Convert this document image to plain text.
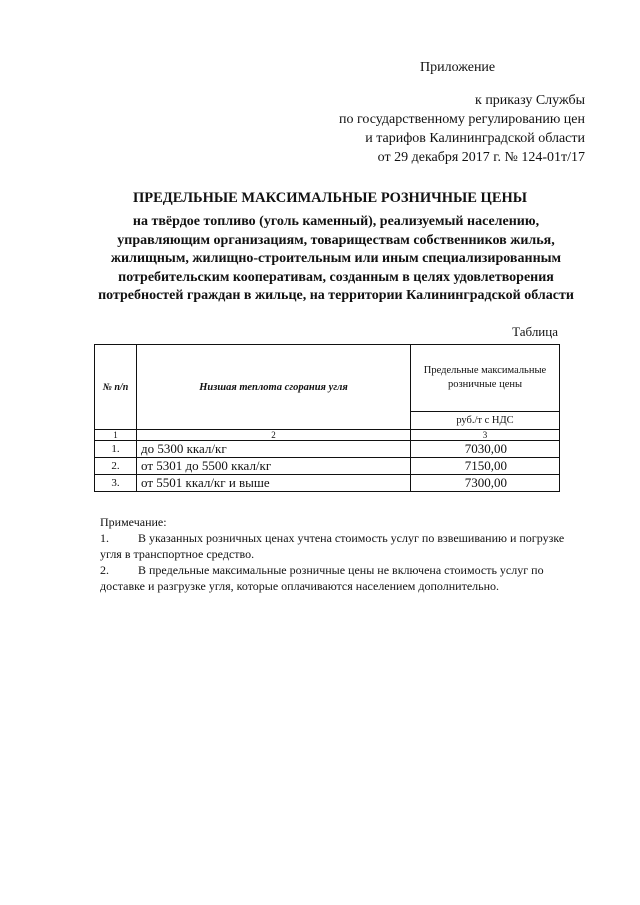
Приложение
к приказу Службы
по государственному регулированию цен
и тарифов Калининградской области
от 29 декабря 2017 г. № 124-01т/17
ПРЕДЕЛЬНЫЕ МАКСИМАЛЬНЫЕ РОЗНИЧНЫЕ ЦЕНЫ
на твёрдое топливо (уголь каменный), реализуемый населению, управляющим организациям, товариществам собственников жилья, жилищным, жилищно-строительным или иным специализированным потребительским кооперативам, созданным в целях удовлетворения потребностей граждан в жильце, на территории Калининградской области
Таблица
№ п/п	Низшая теплота сгорания угля	Предельные максимальные розничные цены
		руб./т с НДС
1	2	3
1.	до 5300 ккал/кг	7030,00
2.	от 5301 до 5500 ккал/кг	7150,00
3.	от 5501 ккал/кг и выше	7300,00
Примечание:
1. В указанных розничных ценах учтена стоимость услуг по взвешиванию и погрузке угля в транспортное средство.
2. В предельные максимальные розничные цены не включена стоимость услуг по доставке и разгрузке угля, которые оплачиваются населением дополнительно.
